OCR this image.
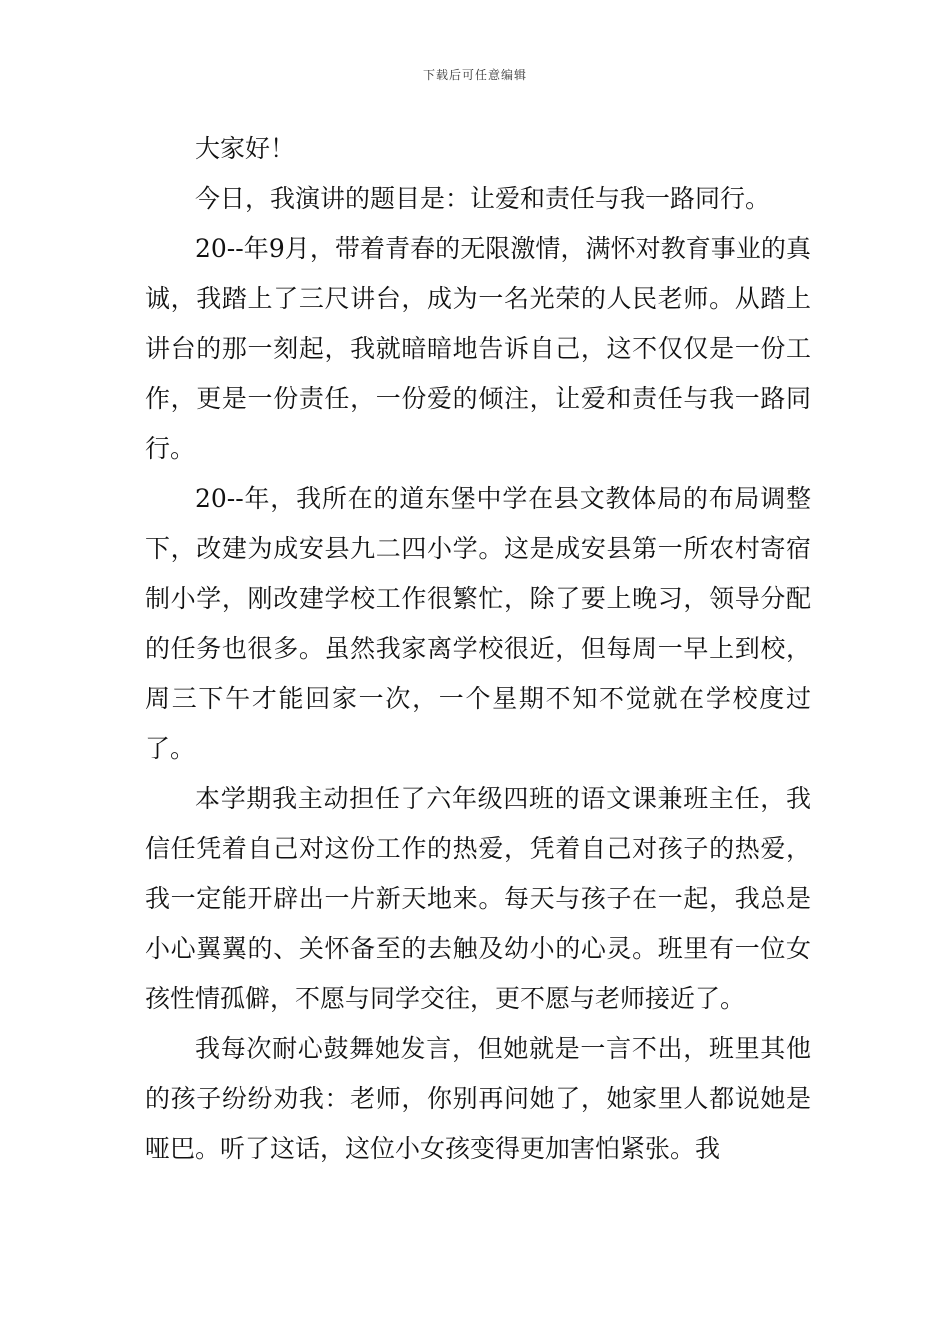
下载后可任意编辑

大家好！

今日，我演讲的题目是：让爱和责任与我一路同行。

20--年9月，带着青春的无限激情，满怀对教育事业的真诚，我踏上了三尺讲台，成为一名光荣的人民老师。从踏上讲台的那一刻起，我就暗暗地告诉自己，这不仅仅是一份工作，更是一份责任，一份爱的倾注，让爱和责任与我一路同行。

20--年，我所在的道东堡中学在县文教体局的布局调整下，改建为成安县九二四小学。这是成安县第一所农村寄宿制小学，刚改建学校工作很繁忙，除了要上晚习，领导分配的任务也很多。虽然我家离学校很近，但每周一早上到校，周三下午才能回家一次，一个星期不知不觉就在学校度过了。

本学期我主动担任了六年级四班的语文课兼班主任，我信任凭着自己对这份工作的热爱，凭着自己对孩子的热爱，我一定能开辟出一片新天地来。每天与孩子在一起，我总是小心翼翼的、关怀备至的去触及幼小的心灵。班里有一位女孩性情孤僻，不愿与同学交往，更不愿与老师接近了。

我每次耐心鼓舞她发言，但她就是一言不出，班里其他的孩子纷纷劝我：老师，你别再问她了，她家里人都说她是哑巴。听了这话，这位小女孩变得更加害怕紧张。我
